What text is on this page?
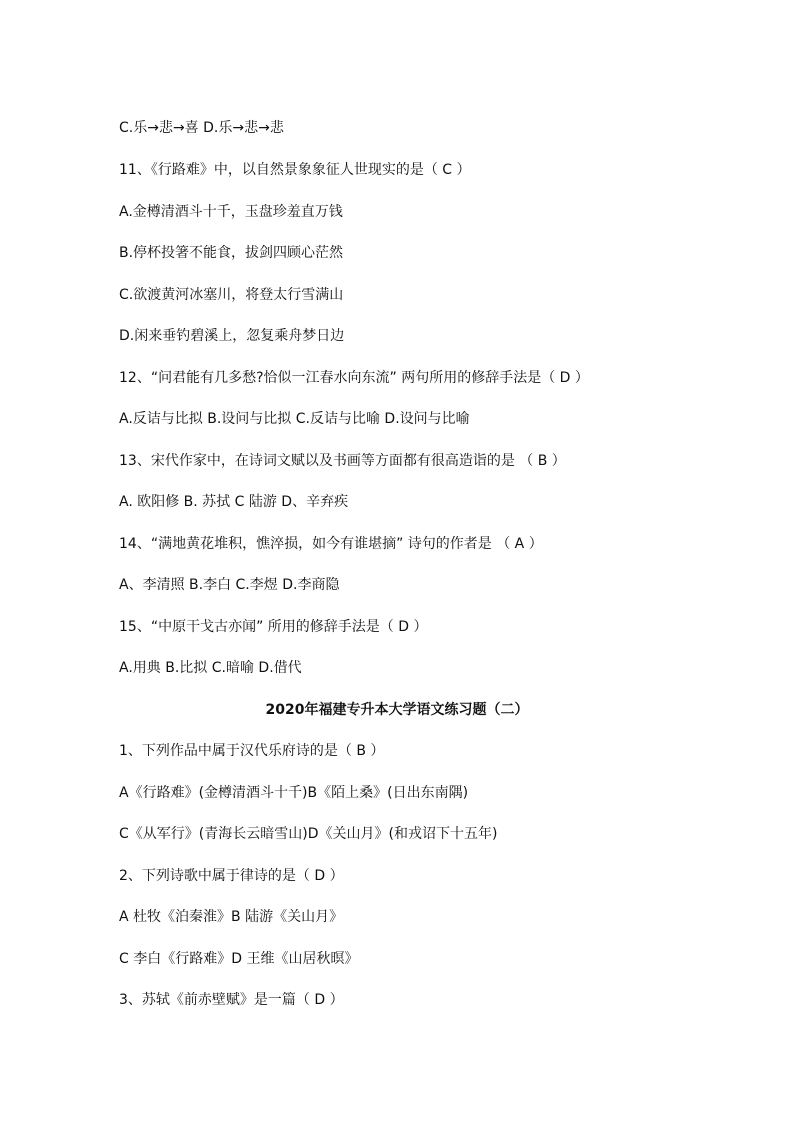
C.乐→悲→喜 D.乐→悲→悲
11、《行路难》中，以自然景象象征人世现实的是（ C ）
A.金樽清酒斗十千，玉盘珍羞直万钱
B.停杯投箸不能食，拔剑四顾心茫然
C.欲渡黄河冰塞川，将登太行雪满山
D.闲来垂钓碧溪上，忽复乘舟梦日边
12、“问君能有几多愁?恰似一江春水向东流” 两句所用的修辞手法是（ D ）
A.反诘与比拟 B.设问与比拟 C.反诘与比喻 D.设问与比喻
13、宋代作家中，在诗词文赋以及书画等方面都有很高造诣的是 （ B ）
A. 欧阳修 B. 苏拭 C 陆游 D、辛弃疾
14、“满地黄花堆积，憔淬损，如今有谁堪摘” 诗句的作者是 （ A ）
A、李清照 B.李白 C.李煜 D.李商隐
15、“中原干戈古亦闻” 所用的修辞手法是（ D ）
A.用典 B.比拟 C.暗喻 D.借代
2020年福建专升本大学语文练习题（二）
1、下列作品中属于汉代乐府诗的是（ B ）
A《行路难》(金樽清酒斗十千)B《陌上桑》(日出东南隅)
C《从军行》(青海长云暗雪山)D《关山月》(和戎诏下十五年)
2、下列诗歌中属于律诗的是（ D ）
A 杜牧《泊秦淮》B 陆游《关山月》
C 李白《行路难》D 王维《山居秋暝》
3、苏轼《前赤壁赋》是一篇（ D ）
